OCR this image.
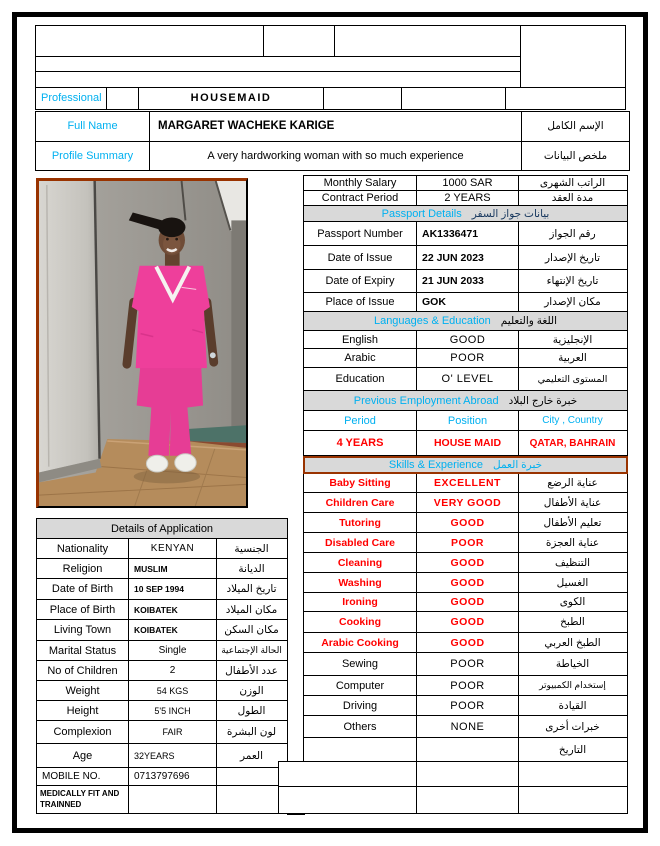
Professional	HOUSEMAID
Full Name	MARGARET WACHEKE KARIGE	الإسم الكامل
Profile Summary	A very hardworking woman with so much experience	ملخص البيانات
Details of Application
Nationality	KENYAN	الجنسية
Religion	MUSLIM	الديانة
Date of Birth	10 SEP 1994	تاريخ الميلاد
Place of Birth	KOIBATEK	مكان الميلاد
Living Town	KOIBATEK	مكان السكن
Marital Status	Single	الحالة الإجتماعية
No of Children	2	عدد الأطفال
Weight	54 KGS	الوزن
Height	5'5 INCH	الطول
Complexion	FAIR	لون البشرة
Age	32YEARS	العمر
MOBILE NO.	0713797696
MEDICALLY FIT AND TRAINNED
Monthly Salary	1000 SAR	الراتب الشهرى
Contract Period	2 YEARS	مدة العقد
Passport Details بيانات جواز السفر
Passport Number	AK1336471	رقم الجواز
Date of Issue	22 JUN 2023	تاريخ الإصدار
Date of Expiry	21 JUN 2033	تاريخ الإنتهاء
Place of Issue	GOK	مكان الإصدار
Languages & Education اللغة والتعليم
English	GOOD	الإنجليزية
Arabic	POOR	العربية
Education	O' LEVEL	المستوى التعليمي
Previous Employment Abroad خبرة خارج البلاد
Period	Position	City , Country
4 YEARS	HOUSE MAID	QATAR, BAHRAIN
Skills & Experience خبرة العمل
Baby Sitting	EXCELLENT	عناية الرضع
Children Care	VERY GOOD	عناية الأطفال
Tutoring	GOOD	تعليم الأطفال
Disabled Care	POOR	عناية العجزة
Cleaning	GOOD	التنظيف
Washing	GOOD	الغسيل
Ironing	GOOD	الكوى
Cooking	GOOD	الطبخ
Arabic Cooking	GOOD	الطبخ العربي
Sewing	POOR	الخياطة
Computer	POOR	إستخدام الكمبيوتر
Driving	POOR	القيادة
Others	NONE	خبرات أخرى
التاريخ
